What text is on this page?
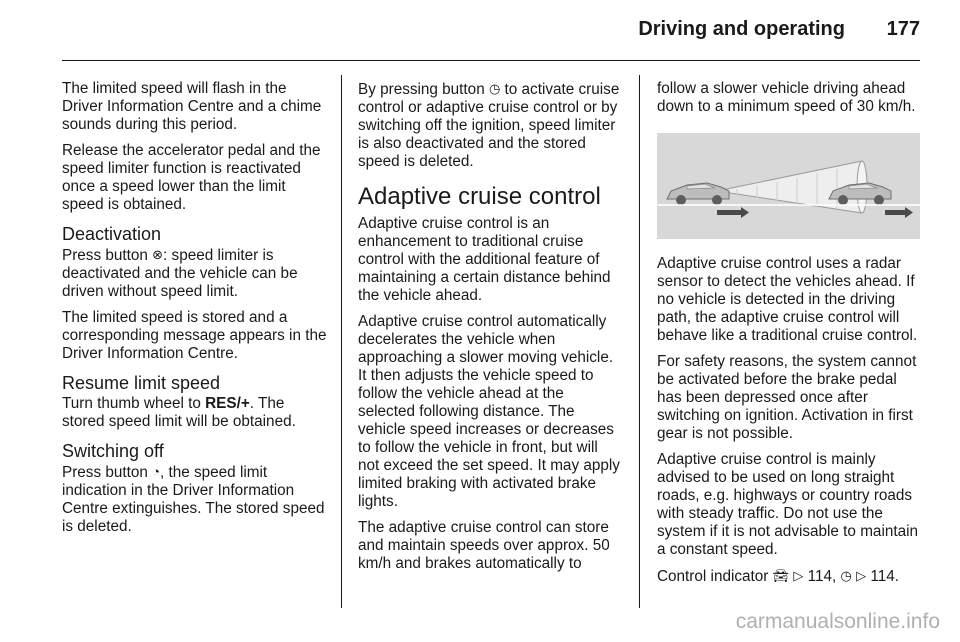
Driving and operating 177

The limited speed will flash in the Driver Information Centre and a chime sounds during this period.

Release the accelerator pedal and the speed limiter function is reactivated once a speed lower than the limit speed is obtained.

Deactivation

Press button ⊗: speed limiter is deactivated and the vehicle can be driven without speed limit.

The limited speed is stored and a corresponding message appears in the Driver Information Centre.

Resume limit speed

Turn thumb wheel to RES/+. The stored speed limit will be obtained.

Switching off

Press button ◔, the speed limit indication in the Driver Information Centre extinguishes. The stored speed is deleted.

By pressing button ◷ to activate cruise control or adaptive cruise control or by switching off the ignition, speed limiter is also deactivated and the stored speed is deleted.

Adaptive cruise control

Adaptive cruise control is an enhancement to traditional cruise control with the additional feature of maintaining a certain distance behind the vehicle ahead.

Adaptive cruise control automatically decelerates the vehicle when approaching a slower moving vehicle. It then adjusts the vehicle speed to follow the vehicle ahead at the selected following distance. The vehicle speed increases or decreases to follow the vehicle in front, but will not exceed the set speed. It may apply limited braking with activated brake lights.

The adaptive cruise control can store and maintain speeds over approx. 50 km/h and brakes automatically to

follow a slower vehicle driving ahead down to a minimum speed of 30 km/h.

Adaptive cruise control uses a radar sensor to detect the vehicles ahead. If no vehicle is detected in the driving path, the adaptive cruise control will behave like a traditional cruise control.

For safety reasons, the system cannot be activated before the brake pedal has been depressed once after switching on ignition. Activation in first gear is not possible.

Adaptive cruise control is mainly advised to be used on long straight roads, e.g. highways or country roads with steady traffic. Do not use the system if it is not advisable to maintain a constant speed.

Control indicator 🚘︎ ▷ 114, ◷ ▷ 114.

carmanualsonline.info
